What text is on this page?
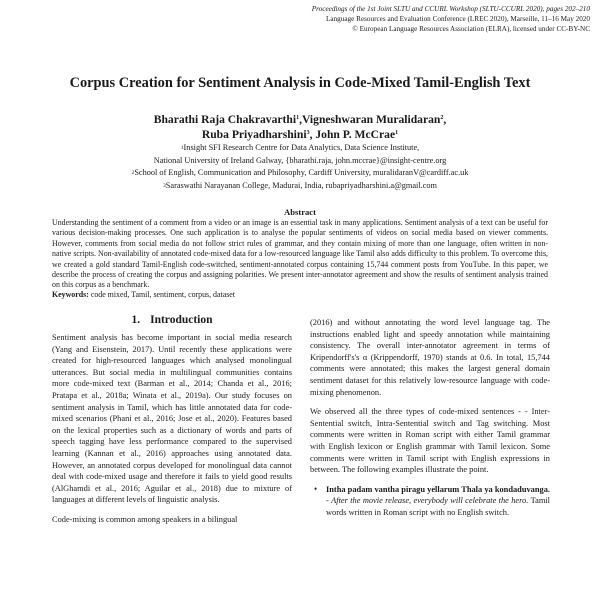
Proceedings of the 1st Joint SLTU and CCURL Workshop (SLTU-CCURL 2020), pages 202–210
Language Resources and Evaluation Conference (LREC 2020), Marseille, 11–16 May 2020
© European Language Resources Association (ELRA), licensed under CC-BY-NC
Corpus Creation for Sentiment Analysis in Code-Mixed Tamil-English Text
Bharathi Raja Chakravarthi$^1$,Vigneshwaran Muralidaran$^2$,
Ruba Priyadharshini$^3$, John P. McCrae$^1$
$^1$Insight SFI Research Centre for Data Analytics, Data Science Institute,
National University of Ireland Galway, {bharathi.raja, john.mccrae}@insight-centre.org
$^2$School of English, Communication and Philosophy, Cardiff University, muralidaranV@cardiff.ac.uk
$^3$Saraswathi Narayanan College, Madurai, India, rubapriyadharshini.a@gmail.com
Abstract

Understanding the sentiment of a comment from a video or an image is an essential task in many applications. Sentiment analysis of a text can be useful for various decision-making processes. One such application is to analyse the popular sentiments of videos on social media based on viewer comments. However, comments from social media do not follow strict rules of grammar, and they contain mixing of more than one language, often written in non-native scripts. Non-availability of annotated code-mixed data for a low-resourced language like Tamil also adds difficulty to this problem. To overcome this, we created a gold standard Tamil-English code-switched, sentiment-annotated corpus containing 15,744 comment posts from YouTube. In this paper, we describe the process of creating the corpus and assigning polarities. We present inter-annotator agreement and show the results of sentiment analysis trained on this corpus as a benchmark.

Keywords: code mixed, Tamil, sentiment, corpus, dataset
1. Introduction

Sentiment analysis has become important in social media research (Yang and Eisenstein, 2017). Until recently these applications were created for high-resourced languages which analysed monolingual utterances. But social media in multilingual communities contains more code-mixed text (Barman et al., 2014; Chanda et al., 2016; Pratapa et al., 2018a; Winata et al., 2019a). Our study focuses on sentiment analysis in Tamil, which has little annotated data for code-mixed scenarios (Phani et al., 2016; Jose et al., 2020). Features based on the lexical properties such as a dictionary of words and parts of speech tagging have less performance compared to the supervised learning (Kannan et al., 2016) approaches using annotated data. However, an annotated corpus developed for monolingual data cannot deal with code-mixed usage and therefore it fails to yield good results (AlGhamdi et al., 2016; Aguilar et al., 2018) due to mixture of languages at different levels of linguistic analysis.

Code-mixing is common among speakers in a bilingual

(2016) and without annotating the word level language tag. The instructions enabled light and speedy annotation while maintaining consistency. The overall inter-annotator agreement in terms of Kripendorff's's α (Krippendorff, 1970) stands at 0.6. In total, 15,744 comments were annotated; this makes the largest general domain sentiment dataset for this relatively low-resource language with code-mixing phenomenon.

We observed all the three types of code-mixed sentences - - Inter-Sentential switch, Intra-Sentential switch and Tag switching. Most comments were written in Roman script with either Tamil grammar with English lexicon or English grammar with Tamil lexicon. Some comments were written in Tamil script with English expressions in between. The following examples illustrate the point.

•	Intha padam vantha piragu yellarum Thala ya kondaduvanga. - After the movie release, everybody will celebrate the hero. Tamil words written in Roman script with no English switch.
